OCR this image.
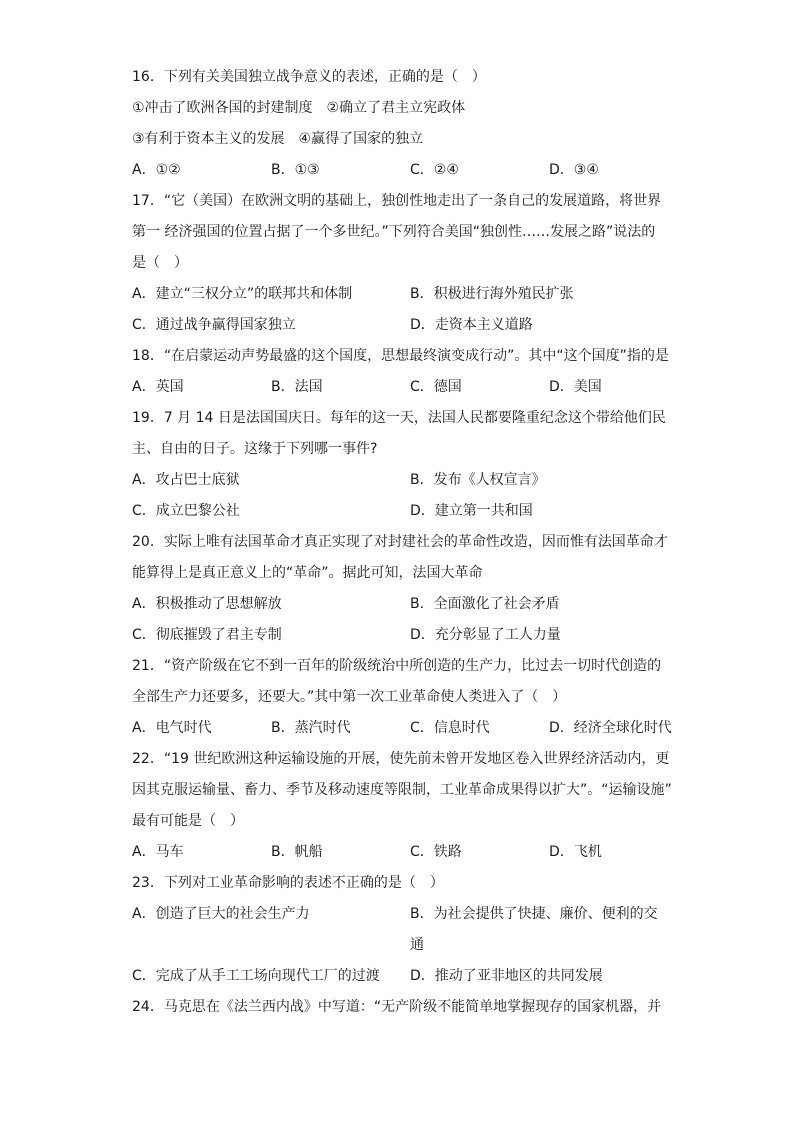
16．下列有关美国独立战争意义的表述，正确的是（　）
①冲击了欧洲各国的封建制度　②确立了君主立宪政体
③有利于资本主义的发展　④赢得了国家的独立
A．①②	B．①③	C．②④	D．③④
17．“它（美国）在欧洲文明的基础上，独创性地走出了一条自己的发展道路，将世界
第一 经济强国的位置占据了一个多世纪。”下列符合美国“独创性……发展之路”说法的
是（　）
A．建立“三权分立”的联邦共和体制	B．积极进行海外殖民扩张
C．通过战争赢得国家独立	D．走资本主义道路
18．“在启蒙运动声势最盛的这个国度，思想最终演变成行动”。其中“这个国度”指的是
A．英国	B．法国	C．德国	D．美国
19．7 月 14 日是法国国庆日。每年的这一天，法国人民都要隆重纪念这个带给他们民
主、自由的日子。这缘于下列哪一事件?
A．攻占巴士底狱	B．发布《人权宣言》
C．成立巴黎公社	D．建立第一共和国
20．实际上唯有法国革命才真正实现了对封建社会的革命性改造，因而惟有法国革命才
能算得上是真正意义上的“革命”。据此可知，法国大革命
A．积极推动了思想解放	B．全面激化了社会矛盾
C．彻底摧毁了君主专制	D．充分彰显了工人力量
21．“资产阶级在它不到一百年的阶级统治中所创造的生产力，比过去一切时代创造的
全部生产力还要多，还要大。”其中第一次工业革命使人类进入了（　）
A．电气时代	B．蒸汽时代	C．信息时代	D．经济全球化时代
22．“19 世纪欧洲这种运输设施的开展，使先前未曾开发地区卷入世界经济活动内，更
因其克服运输量、畜力、季节及移动速度等限制，工业革命成果得以扩大”。“运输设施”
最有可能是（　）
A．马车	B．帆船	C．铁路	D．飞机
23．下列对工业革命影响的表述不正确的是（　）
A．创造了巨大的社会生产力	B．为社会提供了快捷、廉价、便利的交通
C．完成了从手工工场向现代工厂的过渡	D．推动了亚非地区的共同发展
24．马克思在《法兰西内战》中写道：“无产阶级不能简单地掌握现存的国家机器，并
